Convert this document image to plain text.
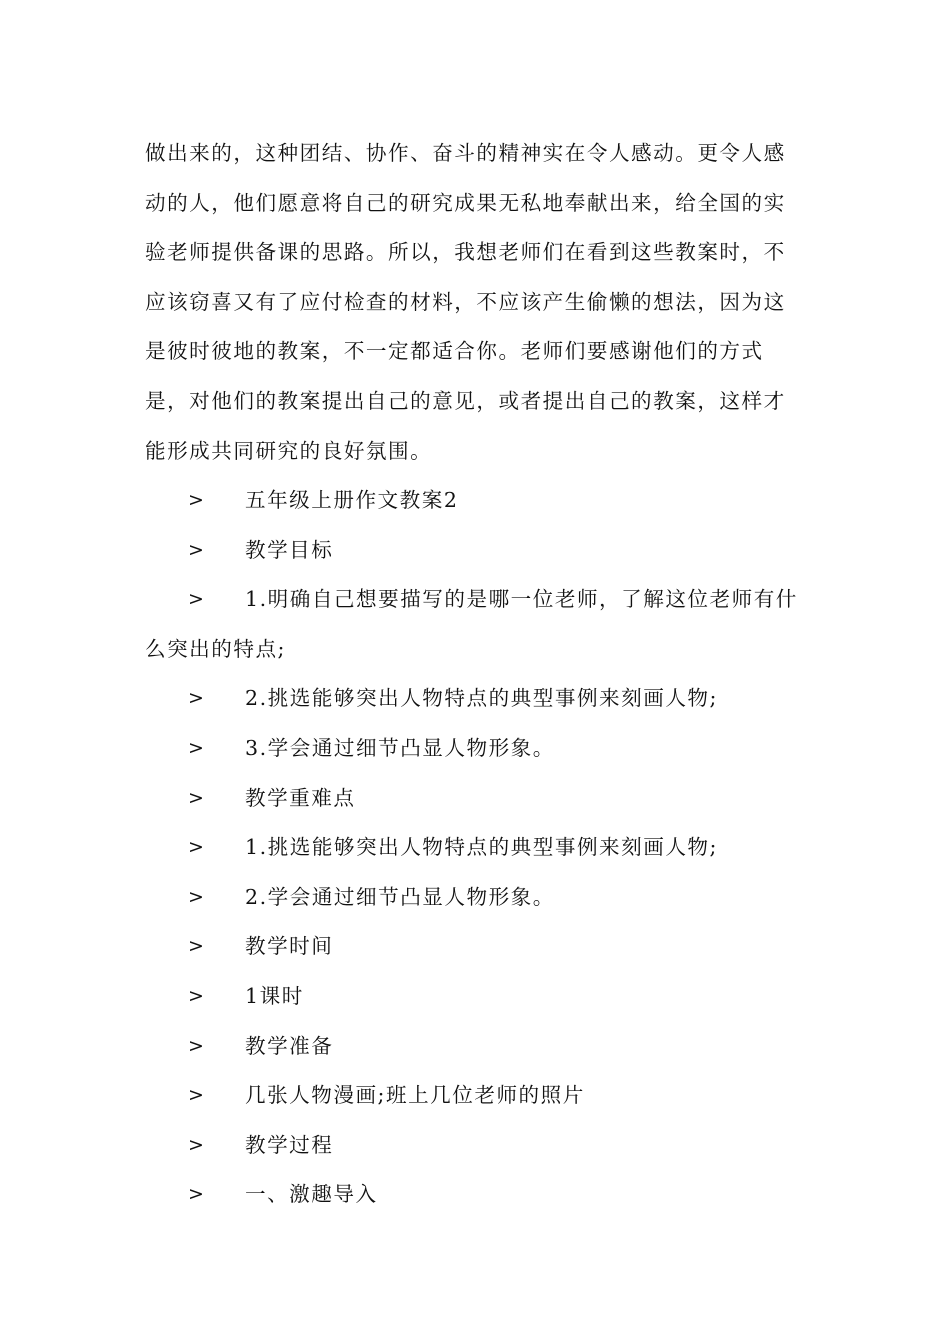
做出来的，这种团结、协作、奋斗的精神实在令人感动。更令人感
动的人，他们愿意将自己的研究成果无私地奉献出来，给全国的实
验老师提供备课的思路。所以，我想老师们在看到这些教案时，不
应该窃喜又有了应付检查的材料，不应该产生偷懒的想法，因为这
是彼时彼地的教案，不一定都适合你。老师们要感谢他们的方式
是，对他们的教案提出自己的意见，或者提出自己的教案，这样才
能形成共同研究的良好氛围。
> 五年级上册作文教案2
> 教学目标
> 1.明确自己想要描写的是哪一位老师，了解这位老师有什
么突出的特点;
> 2.挑选能够突出人物特点的典型事例来刻画人物;
> 3.学会通过细节凸显人物形象。
> 教学重难点
> 1.挑选能够突出人物特点的典型事例来刻画人物;
> 2.学会通过细节凸显人物形象。
> 教学时间
> 1课时
> 教学准备
> 几张人物漫画;班上几位老师的照片
> 教学过程
> 一、激趣导入
